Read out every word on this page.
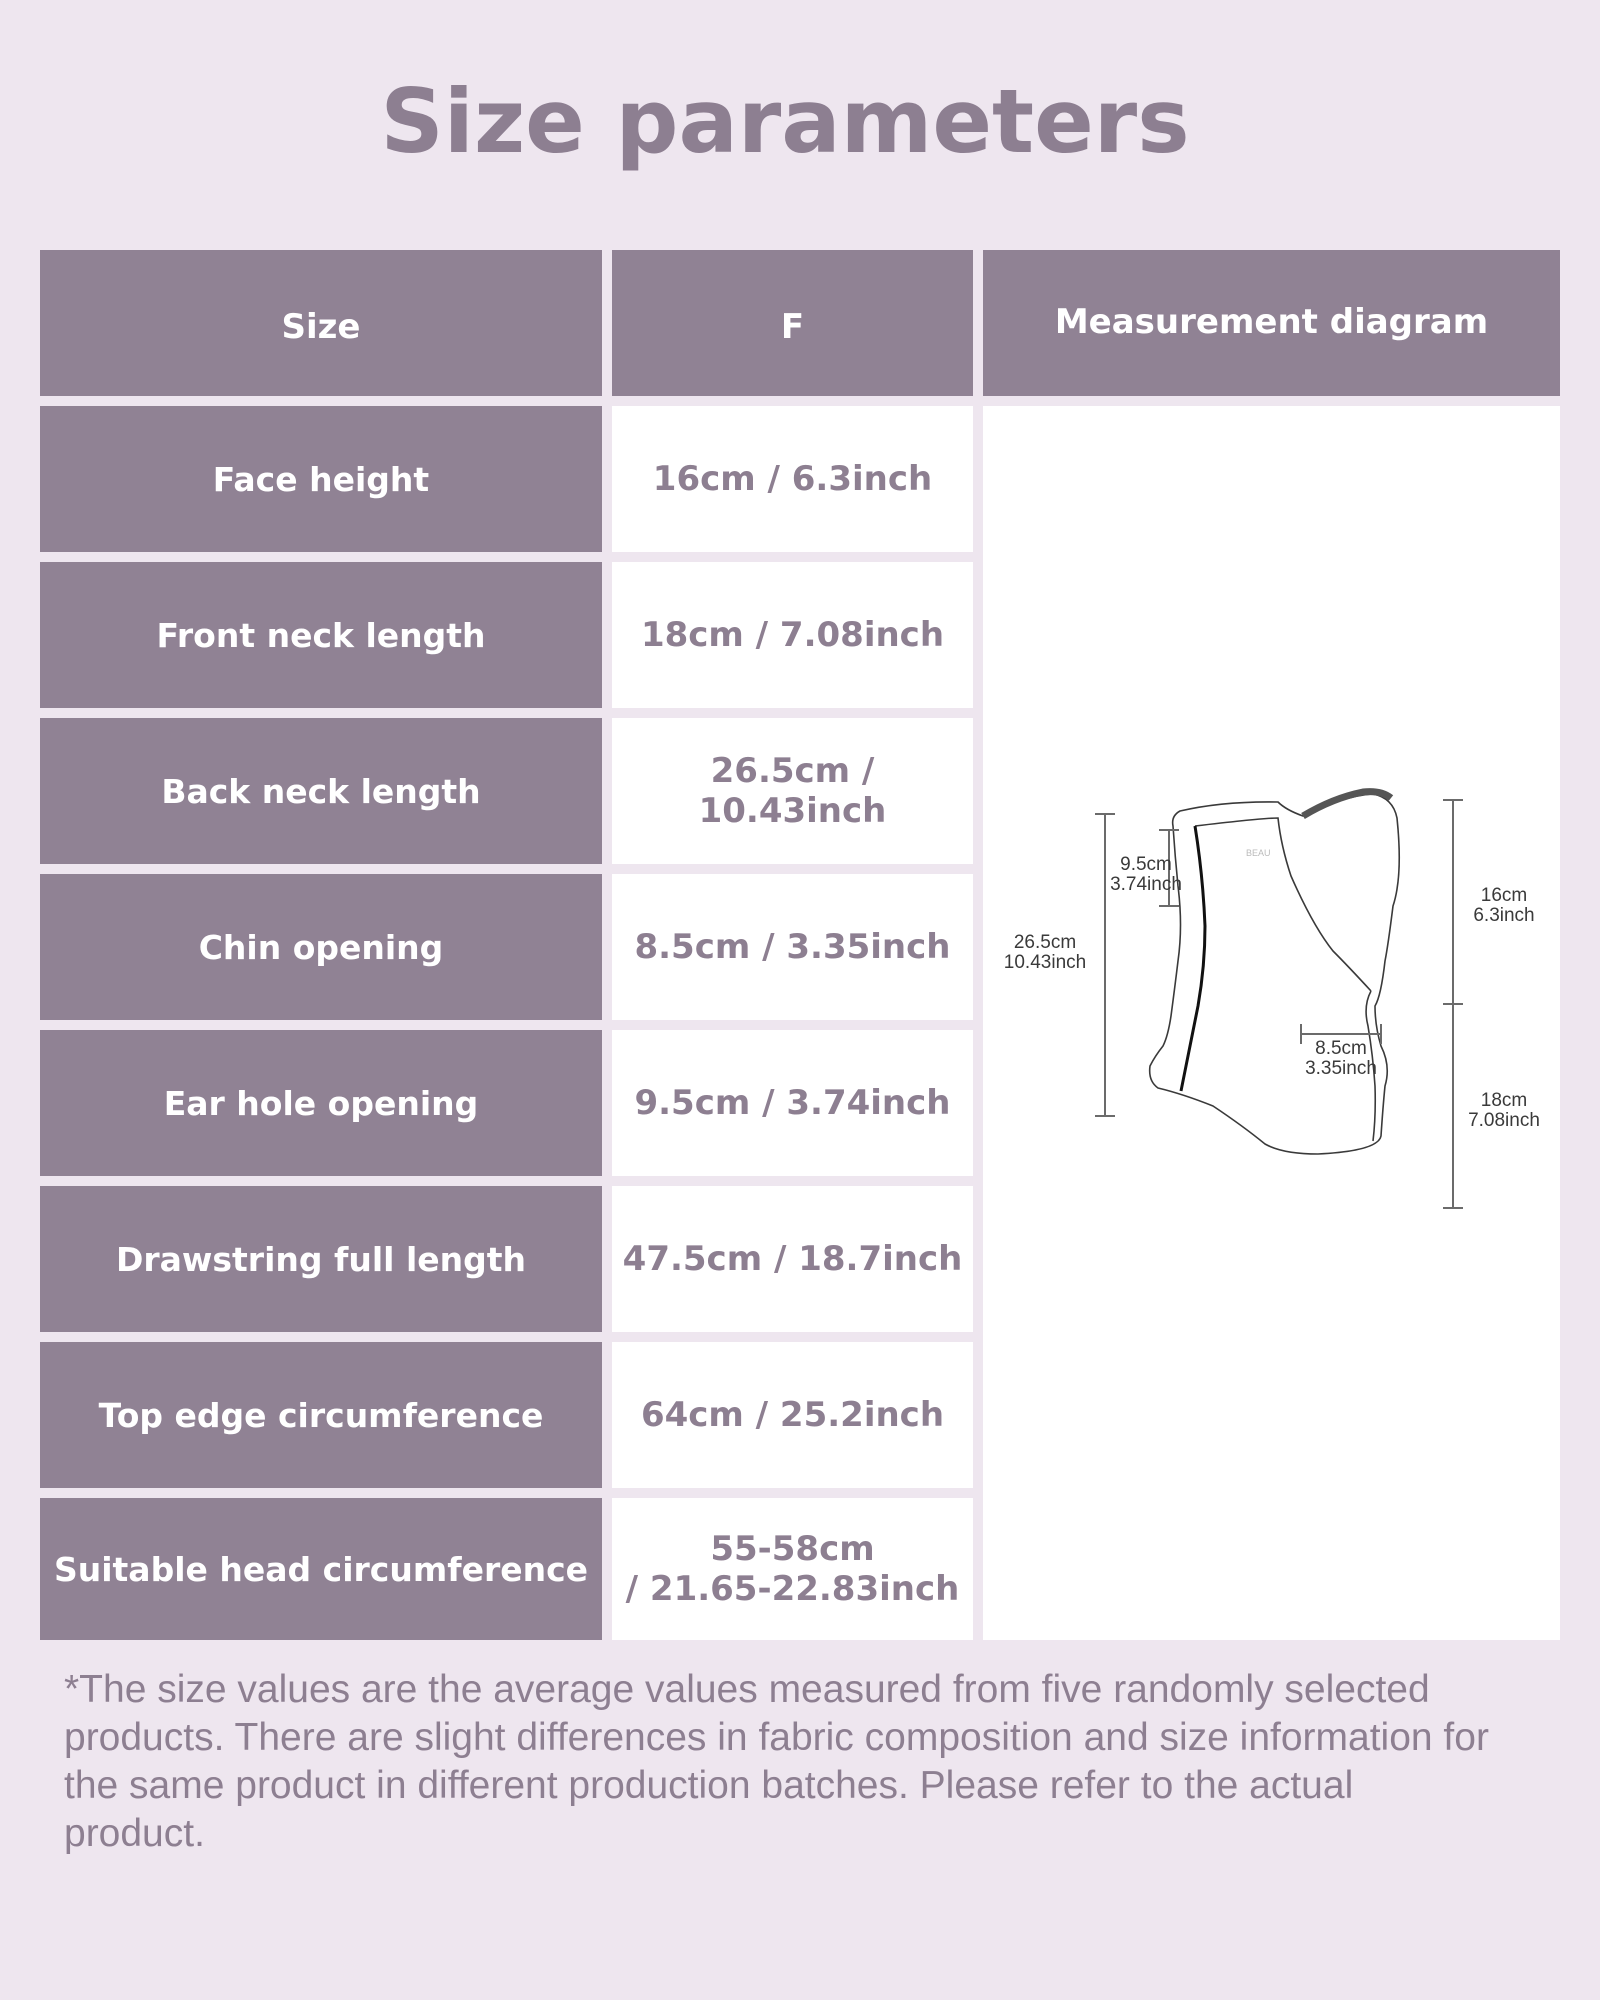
Size parameters
Size	F	Measurement diagram
Face height	16cm / 6.3inch
Front neck length	18cm / 7.08inch
Back neck length	26.5cm / 10.43inch
Chin opening	8.5cm / 3.35inch
Ear hole opening	9.5cm / 3.74inch
Drawstring full length	47.5cm / 18.7inch
Top edge circumference	64cm / 25.2inch
Suitable head circumference	55-58cm
/ 21.65-22.83inch
BEAU
26.5cm
10.43inch
9.5cm
3.74inch
16cm
6.3inch
18cm
7.08inch
8.5cm
3.35inch
*The size values are the average values measured from five randomly selected products. There are slight differences in fabric composition and size information for the same product in different production batches. Please refer to the actual product.
